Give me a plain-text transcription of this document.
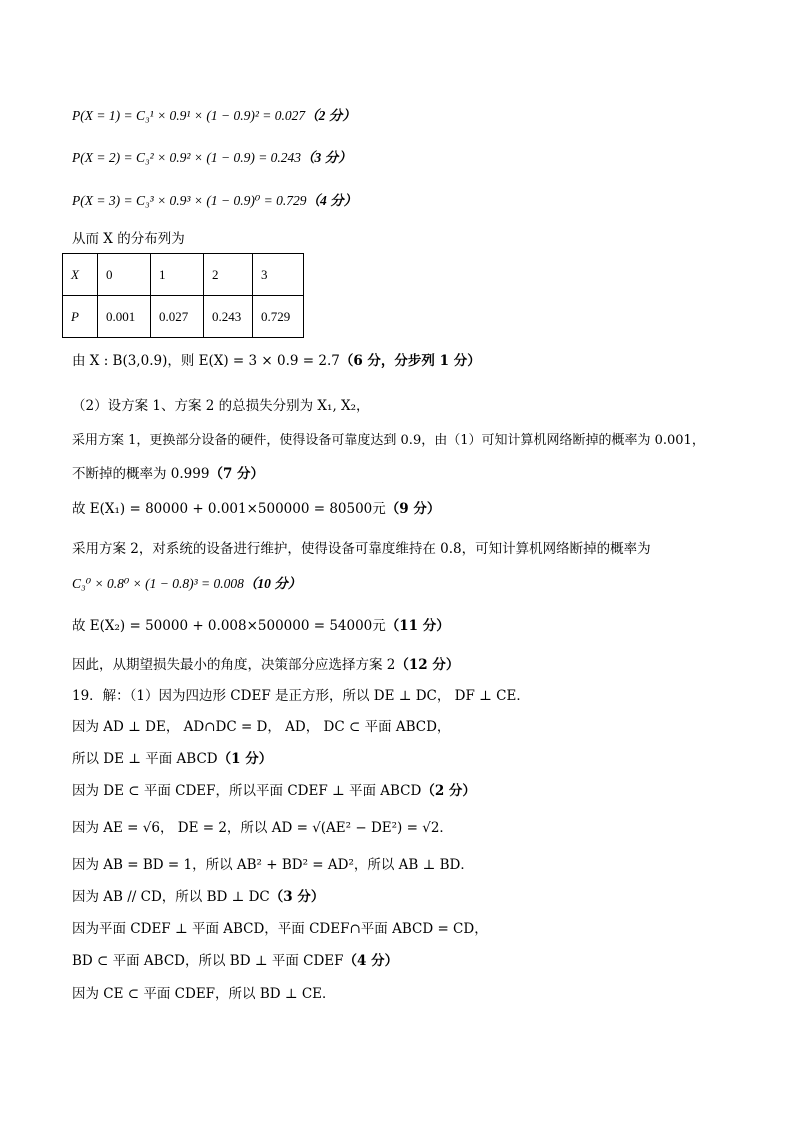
P(X = 1) = C₃¹ × 0.9¹ × (1 − 0.9)² = 0.027（2 分）
P(X = 2) = C₃² × 0.9² × (1 − 0.9) = 0.243（3 分）
P(X = 3) = C₃³ × 0.9³ × (1 − 0.9)⁰ = 0.729（4 分）
从而 X 的分布列为
X	0	1	2	3
P	0.001	0.027	0.243	0.729
由 X : B(3,0.9)，则 E(X) = 3 × 0.9 = 2.7（6 分，分步列 1 分）
（2）设方案 1、方案 2 的总损失分别为 X₁, X₂，
采用方案 1，更换部分设备的硬件，使得设备可靠度达到 0.9，由（1）可知计算机网络断掉的概率为 0.001，
不断掉的概率为 0.999（7 分）
故 E(X₁) = 80000 + 0.001×500000 = 80500元（9 分）
采用方案 2，对系统的设备进行维护，使得设备可靠度维持在 0.8，可知计算机网络断掉的概率为
C₃⁰ × 0.8⁰ × (1 − 0.8)³ = 0.008（10 分）
故 E(X₂) = 50000 + 0.008×500000 = 54000元（11 分）
因此，从期望损失最小的角度，决策部分应选择方案 2（12 分）
19．解：（1）因为四边形 CDEF 是正方形，所以 DE ⊥ DC， DF ⊥ CE．
因为 AD ⊥ DE， AD∩DC = D， AD， DC ⊂ 平面 ABCD，
所以 DE ⊥ 平面 ABCD（1 分）
因为 DE ⊂ 平面 CDEF，所以平面 CDEF ⊥ 平面 ABCD（2 分）
因为 AE = √6， DE = 2，所以 AD = √(AE² − DE²) = √2．
因为 AB = BD = 1，所以 AB² + BD² = AD²，所以 AB ⊥ BD．
因为 AB // CD，所以 BD ⊥ DC（3 分）
因为平面 CDEF ⊥ 平面 ABCD，平面 CDEF∩平面 ABCD = CD，
BD ⊂ 平面 ABCD，所以 BD ⊥ 平面 CDEF（4 分）
因为 CE ⊂ 平面 CDEF，所以 BD ⊥ CE．
